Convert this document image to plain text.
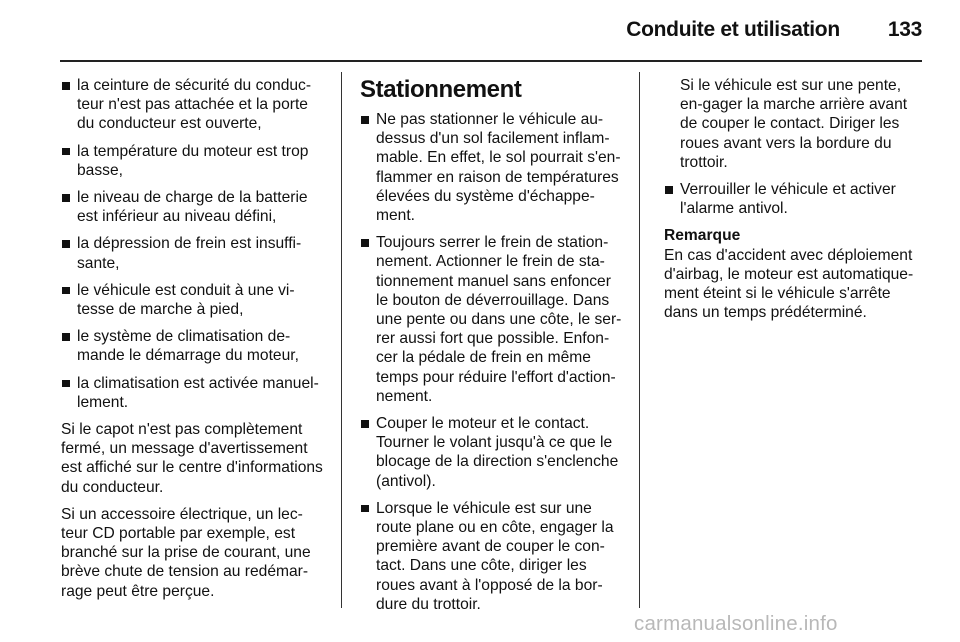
Conduite et utilisation 133
la ceinture de sécurité du conduc-teur n'est pas attachée et la porte du conducteur est ouverte,
la température du moteur est trop basse,
le niveau de charge de la batterie est inférieur au niveau défini,
la dépression de frein est insuffi-sante,
le véhicule est conduit à une vi-tesse de marche à pied,
le système de climatisation de-mande le démarrage du moteur,
la climatisation est activée manuel-lement.

Si le capot n'est pas complètement fermé, un message d'avertissement est affiché sur le centre d'informations du conducteur.

Si un accessoire électrique, un lec-teur CD portable par exemple, est branché sur la prise de courant, une brève chute de tension au redémar-rage peut être perçue.

Stationnement
Ne pas stationner le véhicule au-dessus d'un sol facilement inflam-mable. En effet, le sol pourrait s'en-flammer en raison de températures élevées du système d'échappe-ment.
Toujours serrer le frein de station-nement. Actionner le frein de sta-tionnement manuel sans enfoncer le bouton de déverrouillage. Dans une pente ou dans une côte, le ser-rer aussi fort que possible. Enfon-cer la pédale de frein en même temps pour réduire l'effort d'action-nement.
Couper le moteur et le contact. Tourner le volant jusqu'à ce que le blocage de la direction s'enclenche (antivol).
Lorsque le véhicule est sur une route plane ou en côte, engager la première avant de couper le con-tact. Dans une côte, diriger les roues avant à l'opposé de la bor-dure du trottoir.

Si le véhicule est sur une pente, en-gager la marche arrière avant de couper le contact. Diriger les roues avant vers la bordure du trottoir.

Verrouiller le véhicule et activer l'alarme antivol.
Remarque

En cas d'accident avec déploiement d'airbag, le moteur est automatique-ment éteint si le véhicule s'arrête dans un temps prédéterminé.

carmanualsonline.info
